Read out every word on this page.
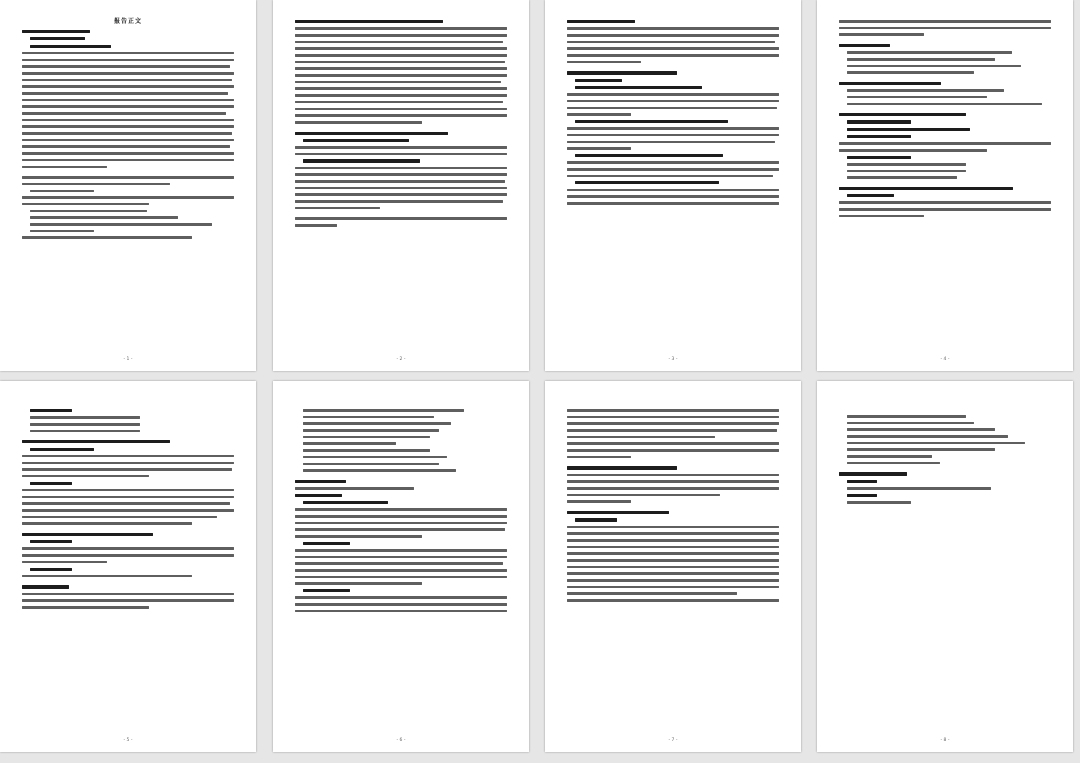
报告正文
- 1 -	- 2 -	- 3 -	- 4 -
- 5 -	- 6 -	- 7 -	- 8 -
